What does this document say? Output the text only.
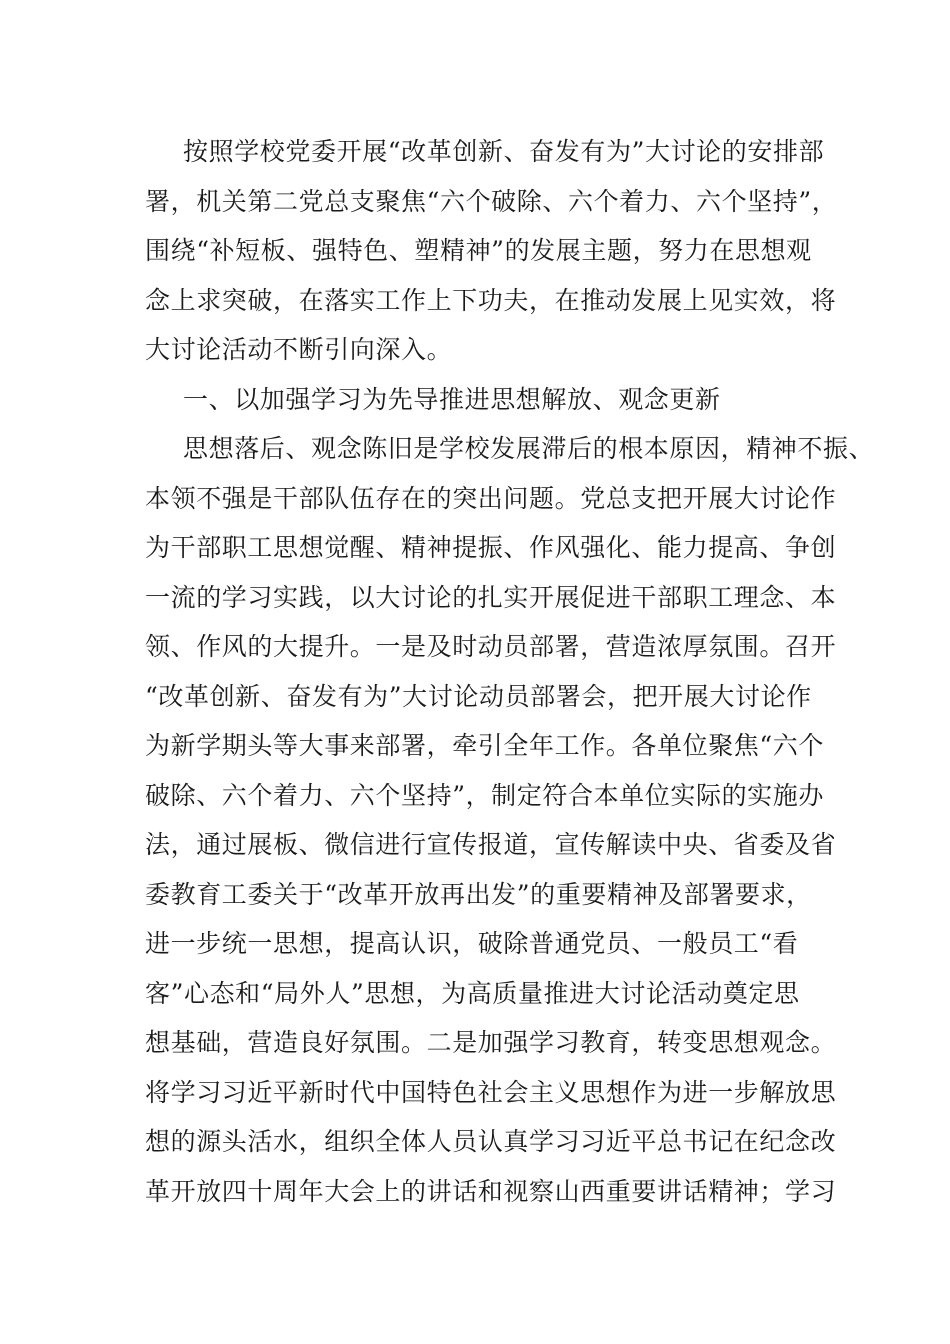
按照学校党委开展“改革创新、奋发有为”大讨论的安排部
署，机关第二党总支聚焦“六个破除、六个着力、六个坚持”，
围绕“补短板、强特色、塑精神”的发展主题，努力在思想观
念上求突破，在落实工作上下功夫，在推动发展上见实效，将
大讨论活动不断引向深入。
一、以加强学习为先导推进思想解放、观念更新
思想落后、观念陈旧是学校发展滞后的根本原因，精神不振、
本领不强是干部队伍存在的突出问题。党总支把开展大讨论作
为干部职工思想觉醒、精神提振、作风强化、能力提高、争创
一流的学习实践，以大讨论的扎实开展促进干部职工理念、本
领、作风的大提升。一是及时动员部署，营造浓厚氛围。召开
“改革创新、奋发有为”大讨论动员部署会，把开展大讨论作
为新学期头等大事来部署，牵引全年工作。各单位聚焦“六个
破除、六个着力、六个坚持”，制定符合本单位实际的实施办
法，通过展板、微信进行宣传报道，宣传解读中央、省委及省
委教育工委关于“改革开放再出发”的重要精神及部署要求，
进一步统一思想，提高认识，破除普通党员、一般员工“看
客”心态和“局外人”思想，为高质量推进大讨论活动奠定思
想基础，营造良好氛围。二是加强学习教育，转变思想观念。
将学习习近平新时代中国特色社会主义思想作为进一步解放思
想的源头活水，组织全体人员认真学习习近平总书记在纪念改
革开放四十周年大会上的讲话和视察山西重要讲话精神；学习
